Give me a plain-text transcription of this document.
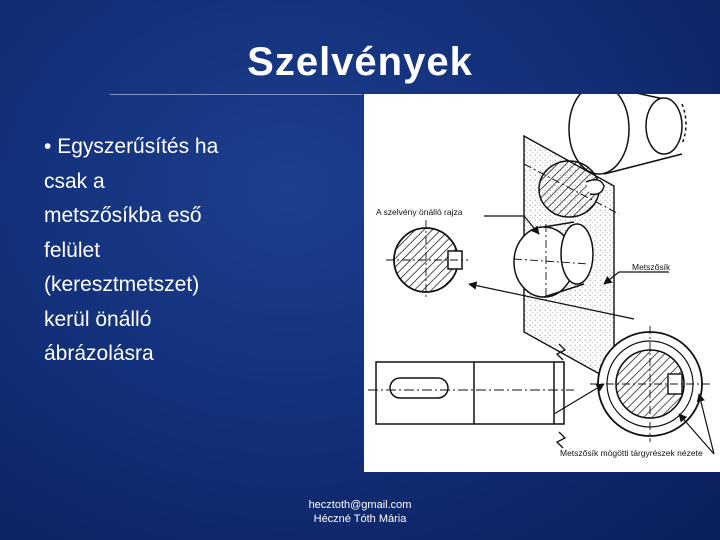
Szelvények
• Egyszerűsítés ha
csak a
metszősíkba eső
felület
(keresztmetszet)
kerül önálló
ábrázolásra
A szelvény önálló rajza
Metszősík
Metszősík mögötti tárgyrészek nézete
hecztoth@gmail.com
Héczné Tóth Mária
